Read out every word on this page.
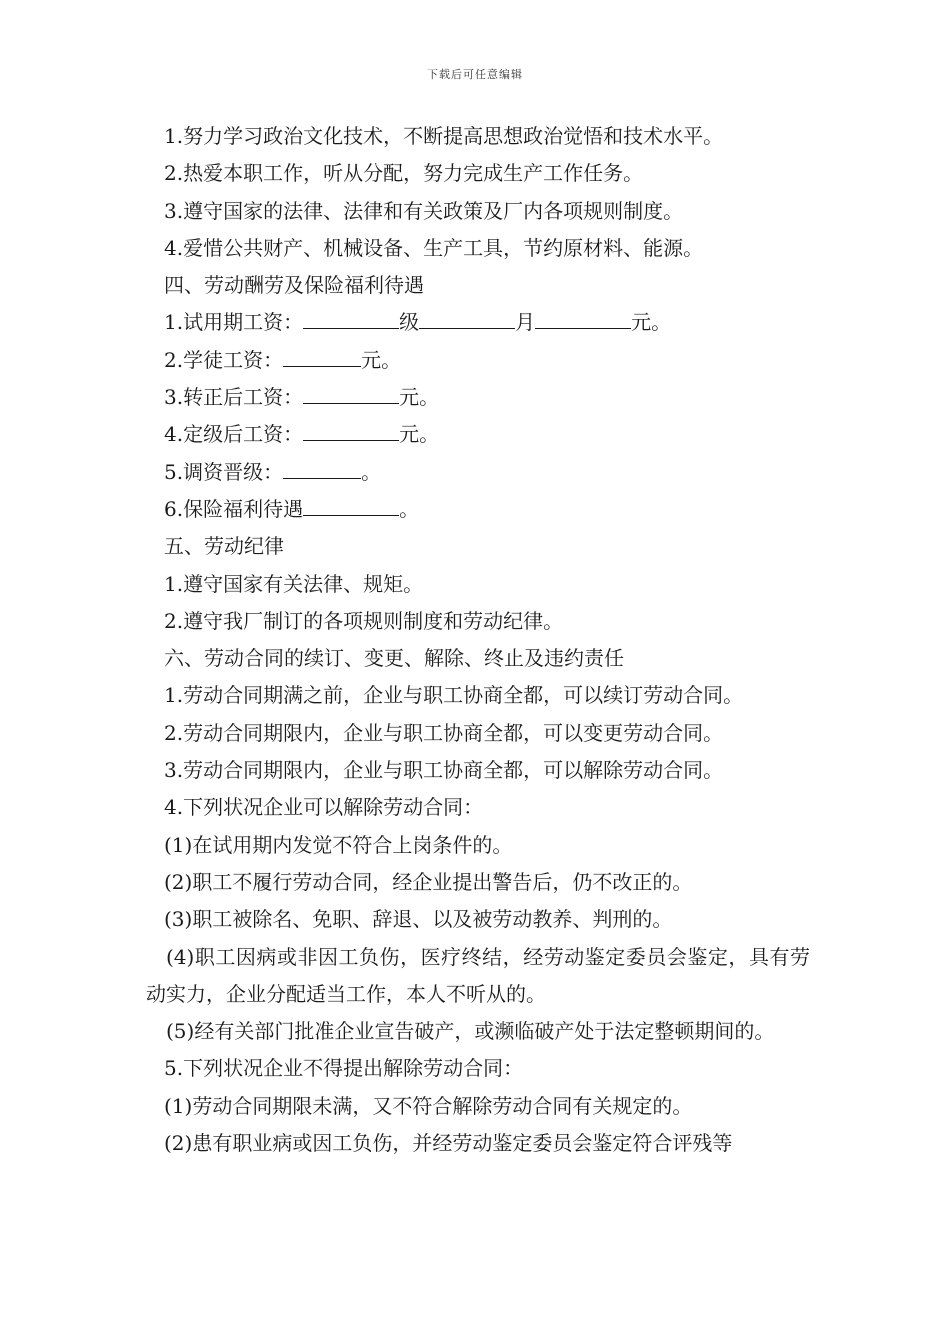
下载后可任意编辑

1.努力学习政治文化技术，不断提高思想政治觉悟和技术水平。

2.热爱本职工作，听从分配，努力完成生产工作任务。

3.遵守国家的法律、法律和有关政策及厂内各项规则制度。

4.爱惜公共财产、机械设备、生产工具，节约原材料、能源。

四、劳动酬劳及保险福利待遇

1.试用期工资：	级	月	元。

2.学徒工资：	元。

3.转正后工资：	元。

4.定级后工资：	元。

5.调资晋级：	。

6.保险福利待遇	。

五、劳动纪律

1.遵守国家有关法律、规矩。

2.遵守我厂制订的各项规则制度和劳动纪律。

六、劳动合同的续订、变更、解除、终止及违约责任

1.劳动合同期满之前，企业与职工协商全都，可以续订劳动合同。

2.劳动合同期限内，企业与职工协商全都，可以变更劳动合同。

3.劳动合同期限内，企业与职工协商全都，可以解除劳动合同。

4.下列状况企业可以解除劳动合同：

(1)在试用期内发觉不符合上岗条件的。

(2)职工不履行劳动合同，经企业提出警告后，仍不改正的。

(3)职工被除名、免职、辞退、以及被劳动教养、判刑的。

(4)职工因病或非因工负伤，医疗终结，经劳动鉴定委员会鉴定，具有劳动实力，企业分配适当工作，本人不听从的。

(5)经有关部门批准企业宣告破产，或濒临破产处于法定整顿期间的。

5.下列状况企业不得提出解除劳动合同：

(1)劳动合同期限未满，又不符合解除劳动合同有关规定的。

(2)患有职业病或因工负伤，并经劳动鉴定委员会鉴定符合评残等
